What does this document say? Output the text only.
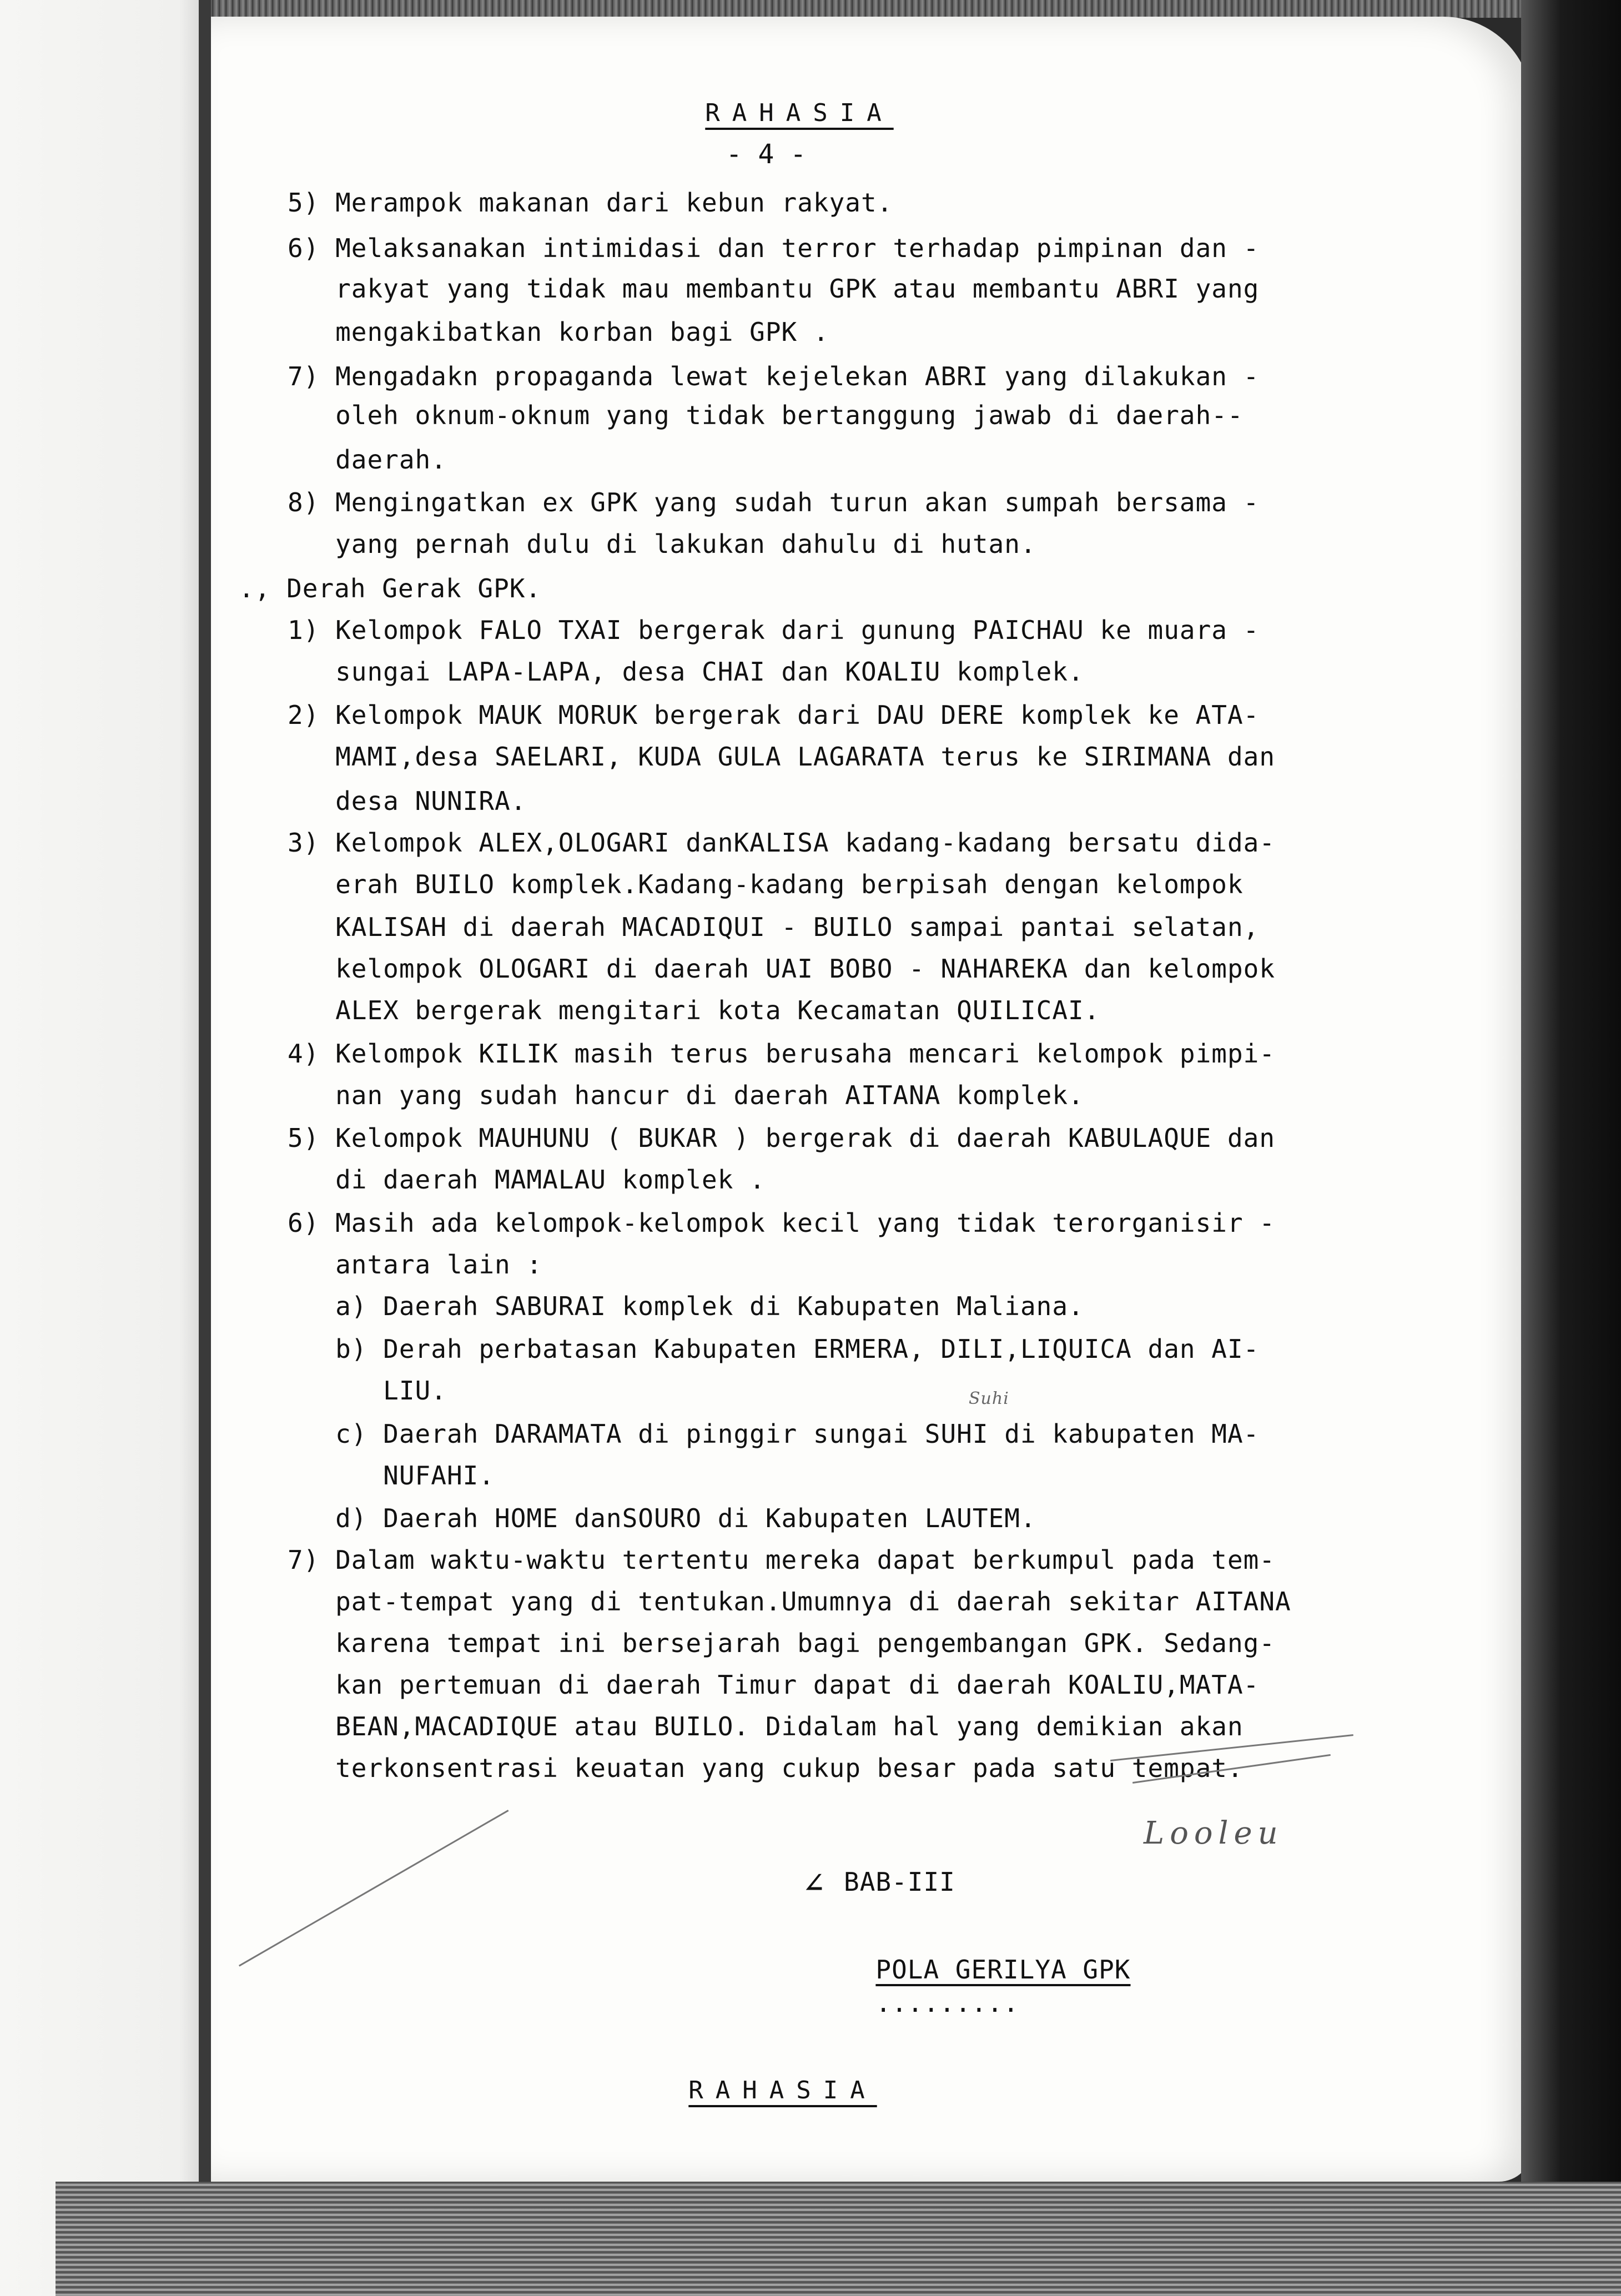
RAHASIA
- 4 -
5) Merampok makanan dari kebun rakyat.
6) Melaksanakan intimidasi dan terror terhadap pimpinan dan -
rakyat yang tidak mau membantu GPK atau membantu ABRI yang
mengakibatkan korban bagi GPK .
7) Mengadakn propaganda lewat kejelekan ABRI yang dilakukan -
oleh oknum-oknum yang tidak bertanggung jawab di daerah--
daerah.
8) Mengingatkan ex GPK yang sudah turun akan sumpah bersama -
yang pernah dulu di lakukan dahulu di hutan.
., Derah Gerak GPK.
1) Kelompok FALO TXAI bergerak dari gunung PAICHAU ke muara -
sungai LAPA-LAPA, desa CHAI dan KOALIU komplek.
2) Kelompok MAUK MORUK bergerak dari DAU DERE komplek ke ATA-
MAMI,desa SAELARI, KUDA GULA LAGARATA terus ke SIRIMANA dan
desa NUNIRA.
3) Kelompok ALEX,OLOGARI danKALISA kadang-kadang bersatu dida-
erah BUILO komplek.Kadang-kadang berpisah dengan kelompok
KALISAH di daerah MACADIQUI - BUILO sampai pantai selatan,
kelompok OLOGARI di daerah UAI BOBO - NAHAREKA dan kelompok
ALEX bergerak mengitari kota Kecamatan QUILICAI.
4) Kelompok KILIK masih terus berusaha mencari kelompok pimpi-
nan yang sudah hancur di daerah AITANA komplek.
5) Kelompok MAUHUNU ( BUKAR ) bergerak di daerah KABULAQUE dan
di daerah MAMALAU komplek .
6) Masih ada kelompok-kelompok kecil yang tidak terorganisir -
antara lain :
a) Daerah SABURAI komplek di Kabupaten Maliana.
b) Derah perbatasan Kabupaten ERMERA, DILI,LIQUICA dan AI-
LIU.
c) Daerah DARAMATA di pinggir sungai SUHI di kabupaten MA-
NUFAHI.
d) Daerah HOME danSOURO di Kabupaten LAUTEM.
7) Dalam waktu-waktu tertentu mereka dapat berkumpul pada tem-
pat-tempat yang di tentukan.Umumnya di daerah sekitar AITANA
karena tempat ini bersejarah bagi pengembangan GPK. Sedang-
kan pertemuan di daerah Timur dapat di daerah KOALIU,MATA-
BEAN,MACADIQUE atau BUILO. Didalam hal yang demikian akan
terkonsentrasi keuatan yang cukup besar pada satu tempat.
Suhi
Looleu
∠ BAB-III

POLA GERILYA GPK
.........

RAHASIA
